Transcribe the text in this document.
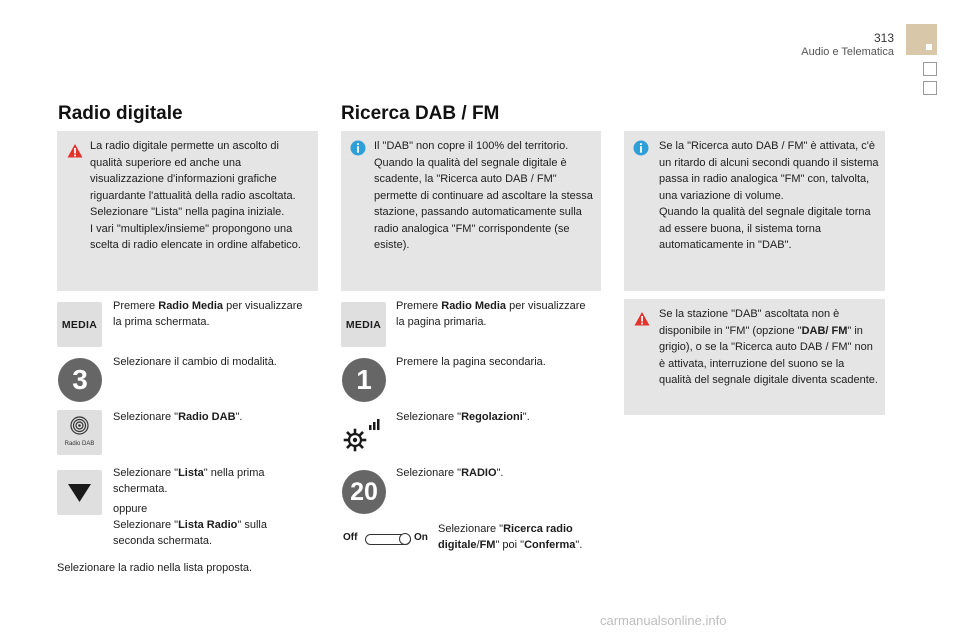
313
Audio e Telematica
Radio digitale
La radio digitale permette un ascolto di qualità superiore ed anche una visualizzazione d'informazioni grafiche riguardante l'attualità della radio ascoltata. Selezionare "Lista" nella pagina iniziale.
I vari "multiplex/insieme" propongono una scelta di radio elencate in ordine alfabetico.
MEDIA
Premere Radio Media per visualizzare la prima schermata.
3
Selezionare il cambio di modalità.
Radio DAB
Selezionare "Radio DAB".
Selezionare "Lista" nella prima schermata.
oppure
Selezionare "Lista Radio" sulla seconda schermata.
Selezionare la radio nella lista proposta.
Ricerca DAB / FM
Il "DAB" non copre il 100% del territorio.
Quando la qualità del segnale digitale è scadente, la "Ricerca auto DAB / FM" permette di continuare ad ascoltare la stessa stazione, passando automaticamente sulla radio analogica "FM" corrispondente (se esiste).
Se la "Ricerca auto DAB / FM" è attivata, c'è un ritardo di alcuni secondi quando il sistema passa in radio analogica "FM" con, talvolta, una variazione di volume.
Quando la qualità del segnale digitale torna ad essere buona, il sistema torna automaticamente in "DAB".
Se la stazione "DAB" ascoltata non è disponibile in "FM" (opzione "DAB/ FM" in grigio), o se la "Ricerca auto DAB / FM" non è attivata, interruzione del suono se la qualità del segnale digitale diventa scadente.
MEDIA
Premere Radio Media per visualizzare la pagina primaria.
1
Premere la pagina secondaria.
Selezionare "Regolazioni".
20
Selezionare "RADIO".
Off	On
Selezionare "Ricerca radio digitale/FM" poi "Conferma".
carmanualsonline.info
